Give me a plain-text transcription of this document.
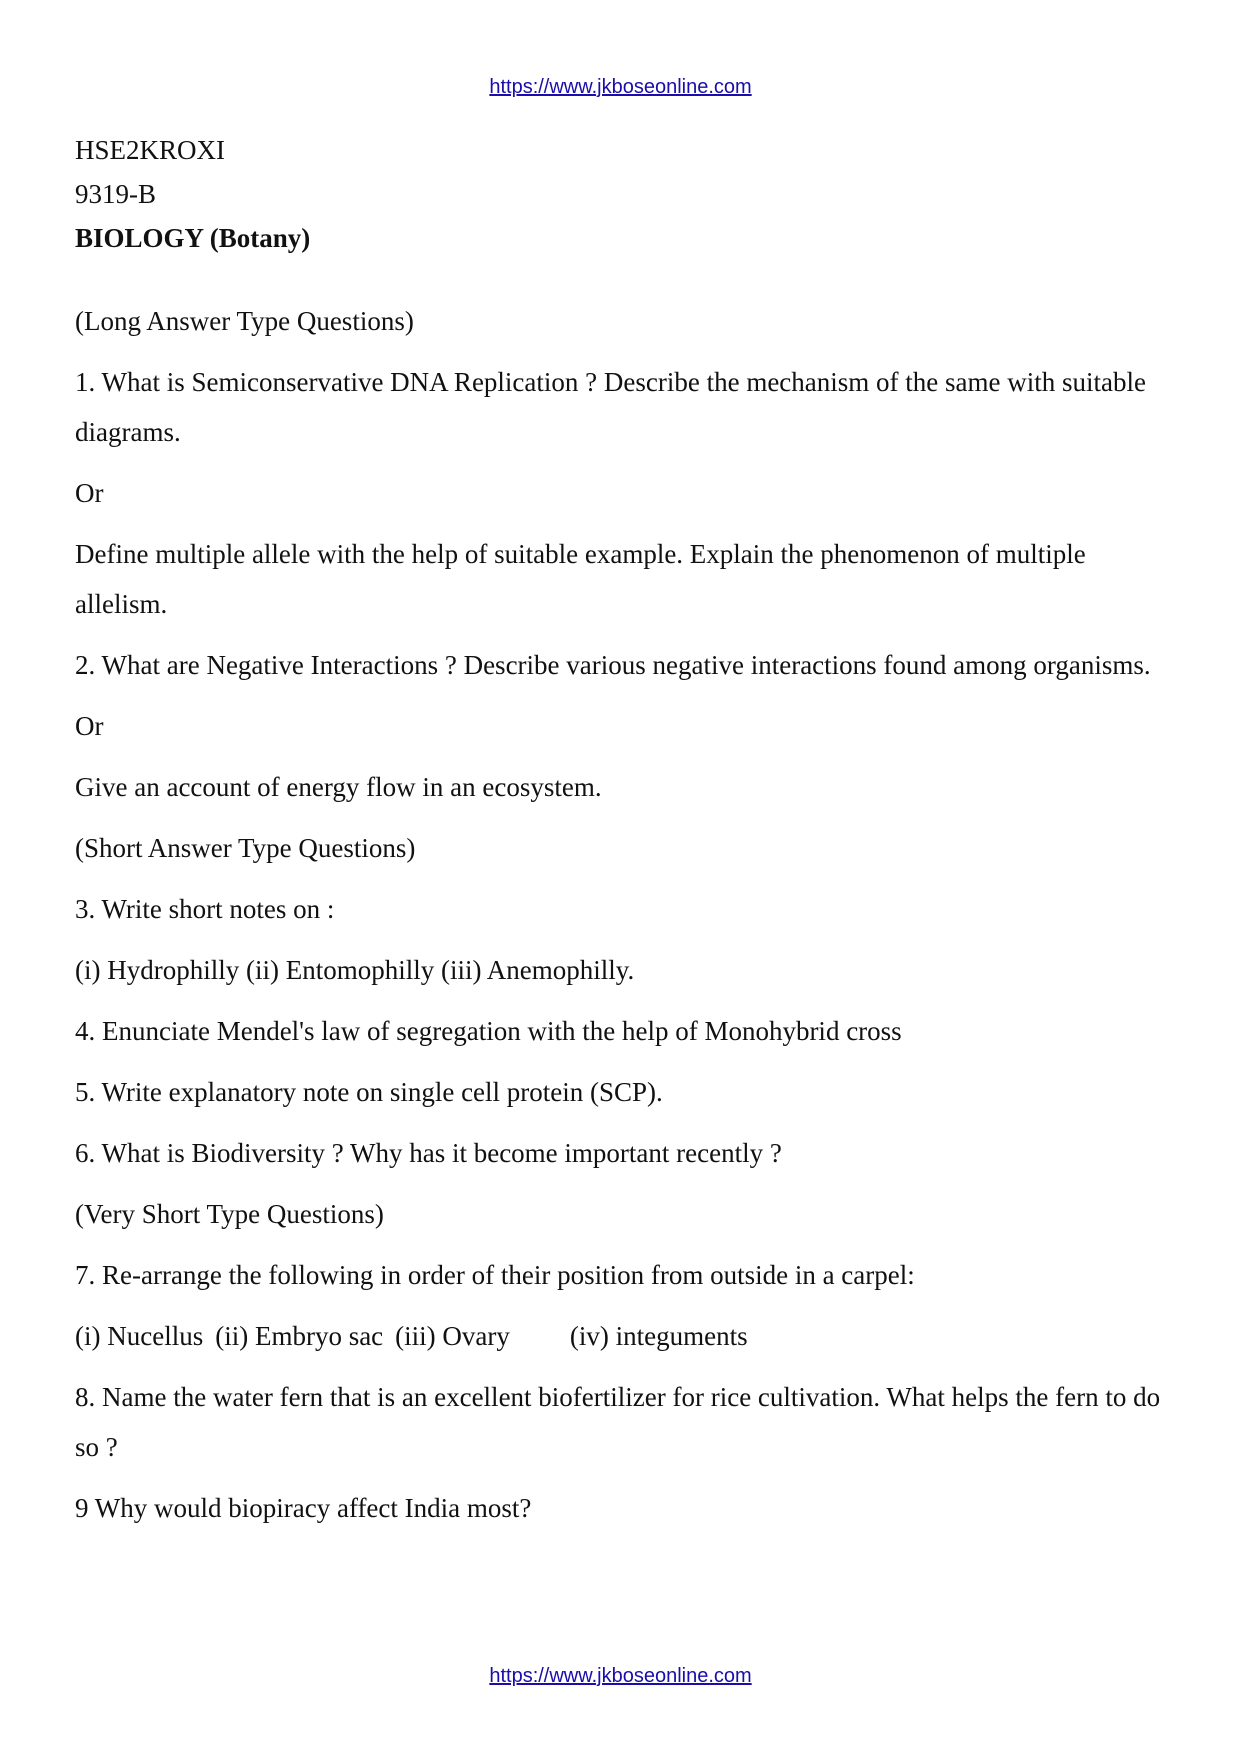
https://www.jkboseonline.com
HSE2KROXI
9319-B
BIOLOGY (Botany)

(Long Answer Type Questions)

1. What is Semiconservative DNA Replication ? Describe the mechanism of the same with suitable diagrams.

Or

Define multiple allele with the help of suitable example. Explain the phenomenon of multiple allelism.

2. What are Negative Interactions ? Describe various negative interactions found among organisms.

Or

Give an account of energy flow in an ecosystem.

(Short Answer Type Questions)

3. Write short notes on :

(i) Hydrophilly (ii) Entomophilly (iii) Anemophilly.

4. Enunciate Mendel's law of segregation with the help of Monohybrid cross

5. Write explanatory note on single cell protein (SCP).

6. What is Biodiversity ? Why has it become important recently ?

(Very Short Type Questions)

7. Re-arrange the following in order of their position from outside in a carpel:

(i) Nucellus (ii) Embryo sac (iii) Ovary (iv) integuments

8. Name the water fern that is an excellent biofertilizer for rice cultivation. What helps the fern to do so ?

9 Why would biopiracy affect India most?

https://www.jkboseonline.com
